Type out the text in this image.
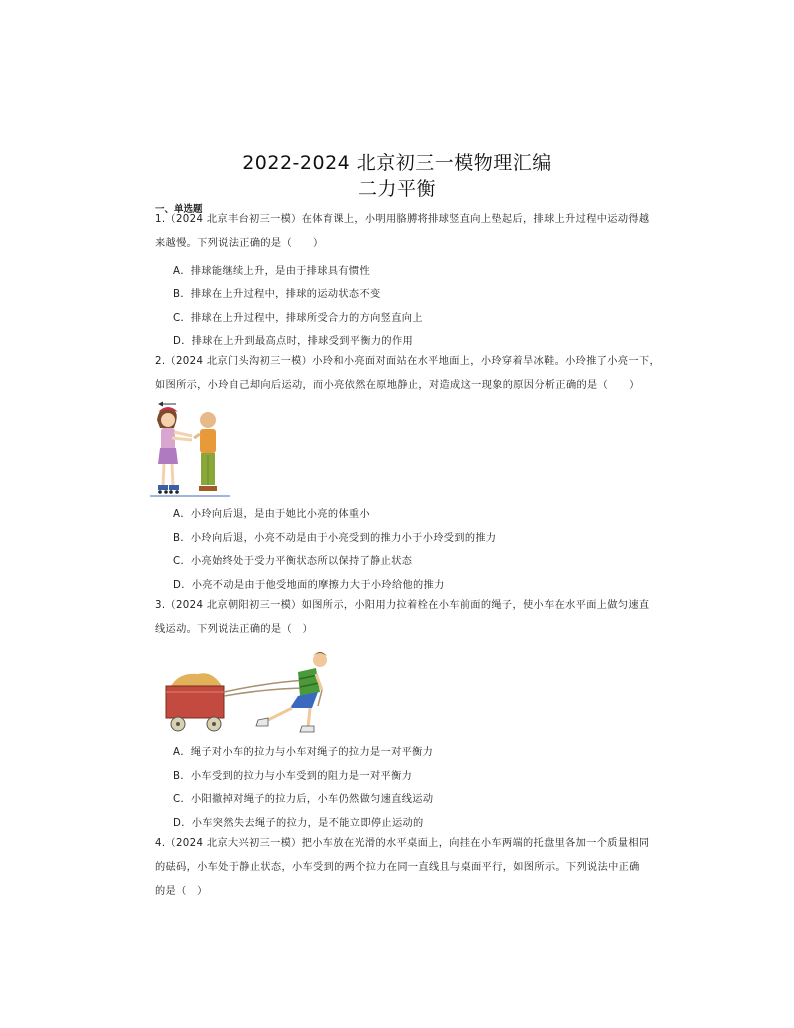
2022-2024 北京初三一模物理汇编
二力平衡
一、单选题
1.（2024 北京丰台初三一模）在体育课上，小明用胳膊将排球竖直向上垫起后，排球上升过程中运动得越
来越慢。下列说法正确的是（　　）
A．排球能继续上升，是由于排球具有惯性
B．排球在上升过程中，排球的运动状态不变
C．排球在上升过程中，排球所受合力的方向竖直向上
D．排球在上升到最高点时，排球受到平衡力的作用
2.（2024 北京门头沟初三一模）小玲和小亮面对面站在水平地面上，小玲穿着旱冰鞋。小玲推了小亮一下，
如图所示，小玲自己却向后运动，而小亮依然在原地静止，对造成这一现象的原因分析正确的是（　　）
A．小玲向后退，是由于她比小亮的体重小
B．小玲向后退，小亮不动是由于小亮受到的推力小于小玲受到的推力
C．小亮始终处于受力平衡状态所以保持了静止状态
D．小亮不动是由于他受地面的摩擦力大于小玲给他的推力
3.（2024 北京朝阳初三一模）如图所示，小阳用力拉着栓在小车前面的绳子，使小车在水平面上做匀速直
线运动。下列说法正确的是（　）
A．绳子对小车的拉力与小车对绳子的拉力是一对平衡力
B．小车受到的拉力与小车受到的阻力是一对平衡力
C．小阳撤掉对绳子的拉力后，小车仍然做匀速直线运动
D．小车突然失去绳子的拉力，是不能立即停止运动的
4.（2024 北京大兴初三一模）把小车放在光滑的水平桌面上，向挂在小车两端的托盘里各加一个质量相同
的砝码，小车处于静止状态，小车受到的两个拉力在同一直线且与桌面平行，如图所示。下列说法中正确
的是（　）
